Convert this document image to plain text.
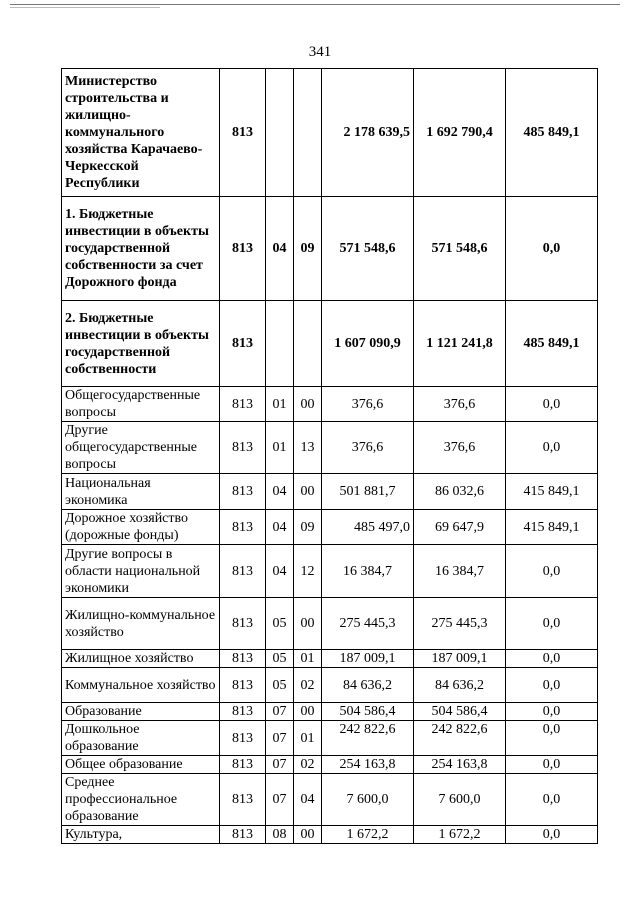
341
Министерство строительства и жилищно-коммунального хозяйства Карачаево-Черкесской Республики	813			2 178 639,5	1 692 790,4	485 849,1
1. Бюджетные инвестиции в объекты государственной собственности за счет Дорожного фонда	813	04	09	571 548,6	571 548,6	0,0
2. Бюджетные инвестиции в объекты государственной собственности	813			1 607 090,9	1 121 241,8	485 849,1
Общегосударственные вопросы	813	01	00	376,6	376,6	0,0
Другие общегосударственные вопросы	813	01	13	376,6	376,6	0,0
Национальная экономика	813	04	00	501 881,7	86 032,6	415 849,1
Дорожное хозяйство (дорожные фонды)	813	04	09	485 497,0	69 647,9	415 849,1
Другие вопросы в области национальной экономики	813	04	12	16 384,7	16 384,7	0,0
Жилищно-коммунальное хозяйство	813	05	00	275 445,3	275 445,3	0,0
Жилищное хозяйство	813	05	01	187 009,1	187 009,1	0,0
Коммунальное хозяйство	813	05	02	84 636,2	84 636,2	0,0
Образование	813	07	00	504 586,4	504 586,4	0,0
Дошкольное образование	813	07	01	242 822,6	242 822,6	0,0
Общее образование	813	07	02	254 163,8	254 163,8	0,0
Среднее профессиональное образование	813	07	04	7 600,0	7 600,0	0,0
Культура,	813	08	00	1 672,2	1 672,2	0,0
